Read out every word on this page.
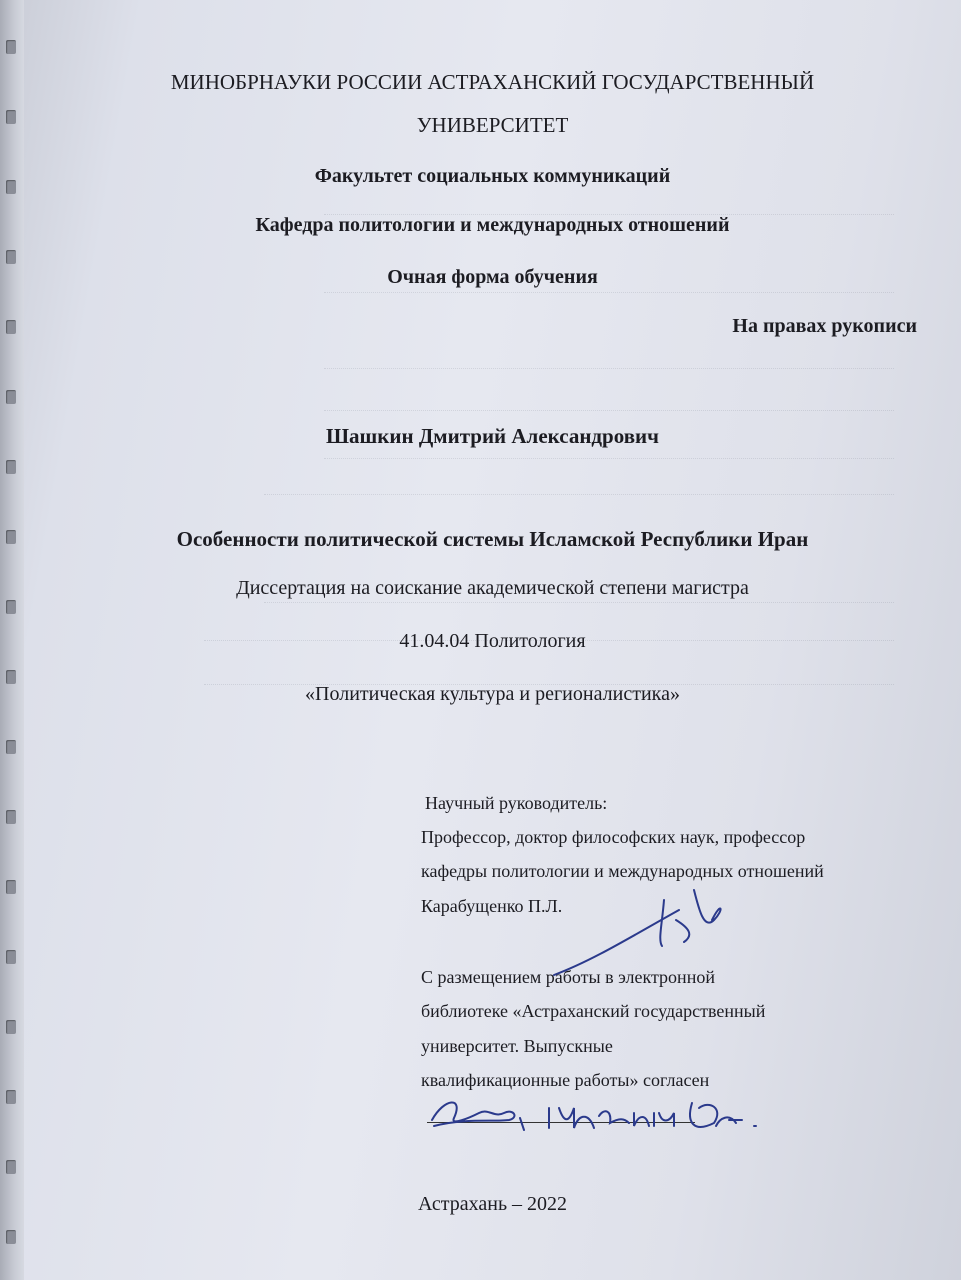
МИНОБРНАУКИ РОССИИ АСТРАХАНСКИЙ ГОСУДАРСТВЕННЫЙ
УНИВЕРСИТЕТ
Факультет социальных коммуникаций
Кафедра политологии и международных отношений
Очная форма обучения
На правах рукописи
Шашкин Дмитрий Александрович
Особенности политической системы Исламской Республики Иран
Диссертация на соискание академической степени магистра
41.04.04 Политология
«Политическая культура и регионалистика»
Научный руководитель:
Профессор, доктор философских наук, профессор
кафедры политологии и международных отношений
Карабущенко П.Л.
С размещением работы в электронной
библиотеке «Астраханский государственный
университет. Выпускные
квалификационные работы» согласен
Астрахань – 2022
